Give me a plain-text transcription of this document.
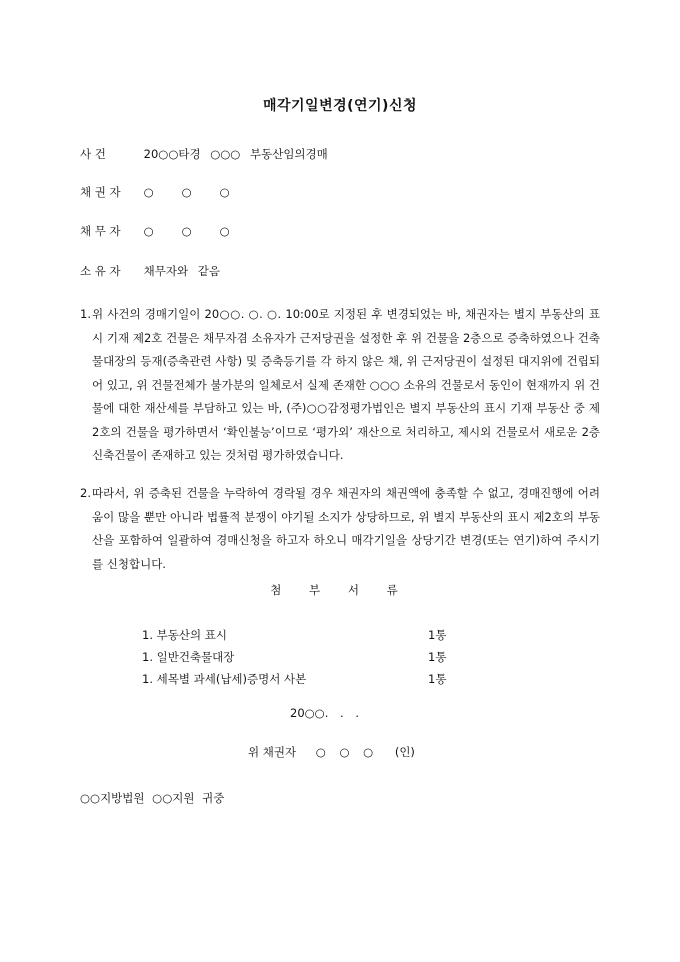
매각기일변경(연기)신청
사 건	20○○타경 ○○○ 부동산임의경매
채 권 자 ○ ○ ○
채 무 자 ○ ○ ○
소 유 자 채무자와 같음
1. 위 사건의 경매기일이 20○○. ○. ○. 10:00로 지정된 후 변경되었는 바, 채권자는 별지 부동산의 표시 기재 제2호 건물은 채무자겸 소유자가 근저당권을 설정한 후 위 건물을 2층으로 증축하였으나 건축물대장의 등재(증축관련 사항) 및 증축등기를 각 하지 않은 채, 위 근저당권이 설정된 대지위에 건립되어 있고, 위 건물전체가 불가분의 일체로서 실제 존재한 ○○○ 소유의 건물로서 동인이 현재까지 위 건물에 대한 재산세를 부담하고 있는 바, (주)○○감정평가법인은 별지 부동산의 표시 기재 부동산 중 제2호의 건물을 평가하면서 ‘확인불능’이므로 ‘평가외’ 재산으로 처리하고, 제시외 건물로서 새로운 2층 신축건물이 존재하고 있는 것처럼 평가하였습니다.
2. 따라서, 위 증축된 건물을 누락하여 경락될 경우 채권자의 채권액에 충족할 수 없고, 경매진행에 어려움이 많을 뿐만 아니라 법률적 분쟁이 야기될 소지가 상당하므로, 위 별지 부동산의 표시 제2호의 부동산을 포함하여 일괄하여 경매신청을 하고자 하오니 매각기일을 상당기간 변경(또는 연기)하여 주시기를 신청합니다.
첨 부 서 류
1. 부동산의 표시	1통
1. 일반건축물대장	1통
1. 세목별 과세(납세)증명서 사본	1통
20○○. . .
위 채권자 ○ ○ ○ (인)
○○지방법원 ○○지원 귀중
